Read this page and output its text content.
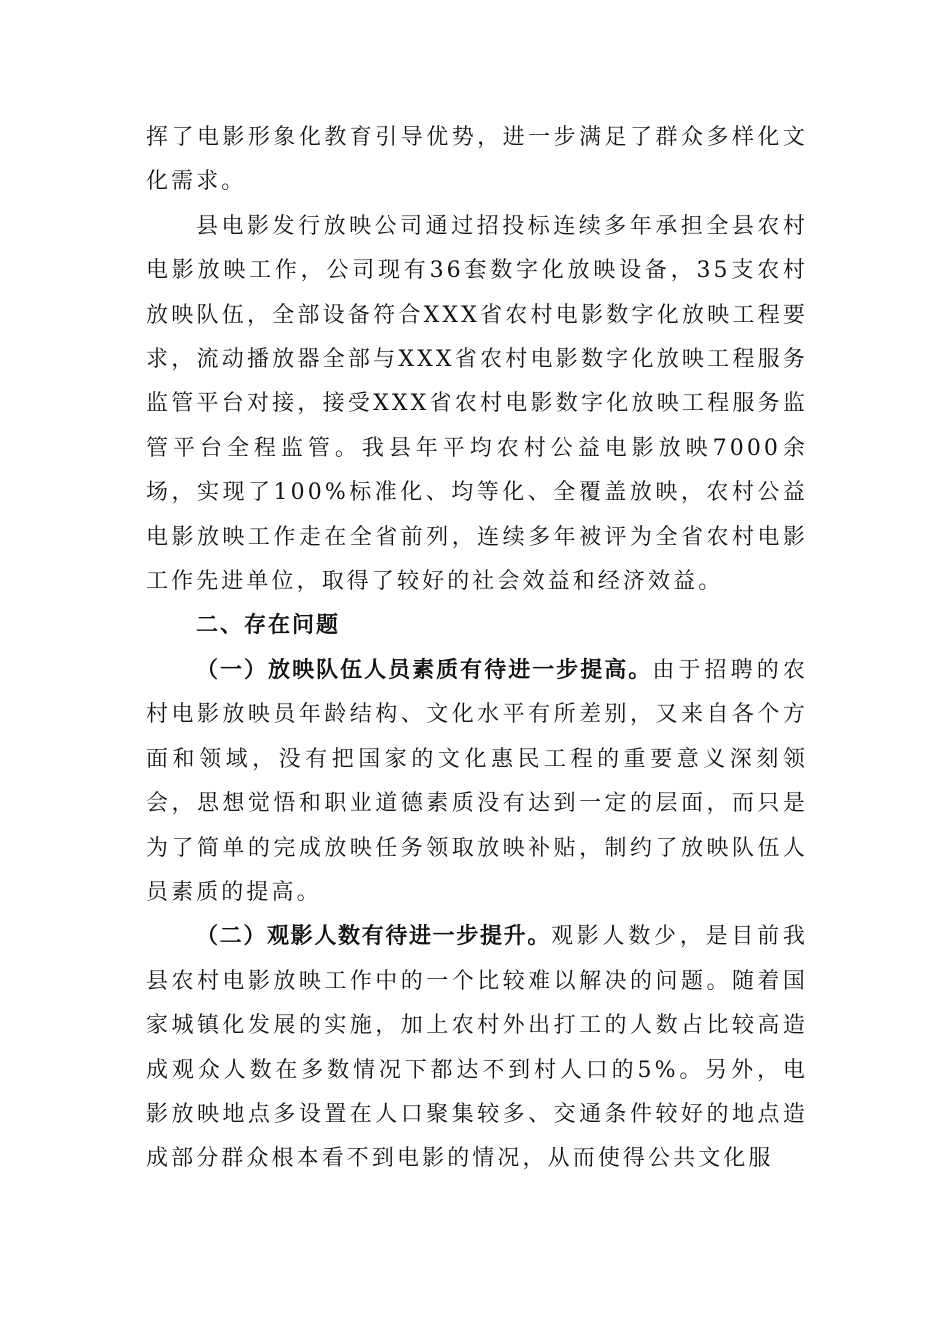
挥了电影形象化教育引导优势，进一步满足了群众多样化文化需求。

县电影发行放映公司通过招投标连续多年承担全县农村电影放映工作，公司现有36套数字化放映设备，35支农村放映队伍，全部设备符合XXX省农村电影数字化放映工程要求，流动播放器全部与XXX省农村电影数字化放映工程服务监管平台对接，接受XXX省农村电影数字化放映工程服务监管平台全程监管。我县年平均农村公益电影放映7000余场，实现了100%标准化、均等化、全覆盖放映，农村公益电影放映工作走在全省前列，连续多年被评为全省农村电影工作先进单位，取得了较好的社会效益和经济效益。

二、存在问题

（一）放映队伍人员素质有待进一步提高。由于招聘的农村电影放映员年龄结构、文化水平有所差别，又来自各个方面和领域，没有把国家的文化惠民工程的重要意义深刻领会，思想觉悟和职业道德素质没有达到一定的层面，而只是为了简单的完成放映任务领取放映补贴，制约了放映队伍人员素质的提高。

（二）观影人数有待进一步提升。观影人数少，是目前我县农村电影放映工作中的一个比较难以解决的问题。随着国家城镇化发展的实施，加上农村外出打工的人数占比较高造成观众人数在多数情况下都达不到村人口的5%。另外，电影放映地点多设置在人口聚集较多、交通条件较好的地点造成部分群众根本看不到电影的情况，从而使得公共文化服
